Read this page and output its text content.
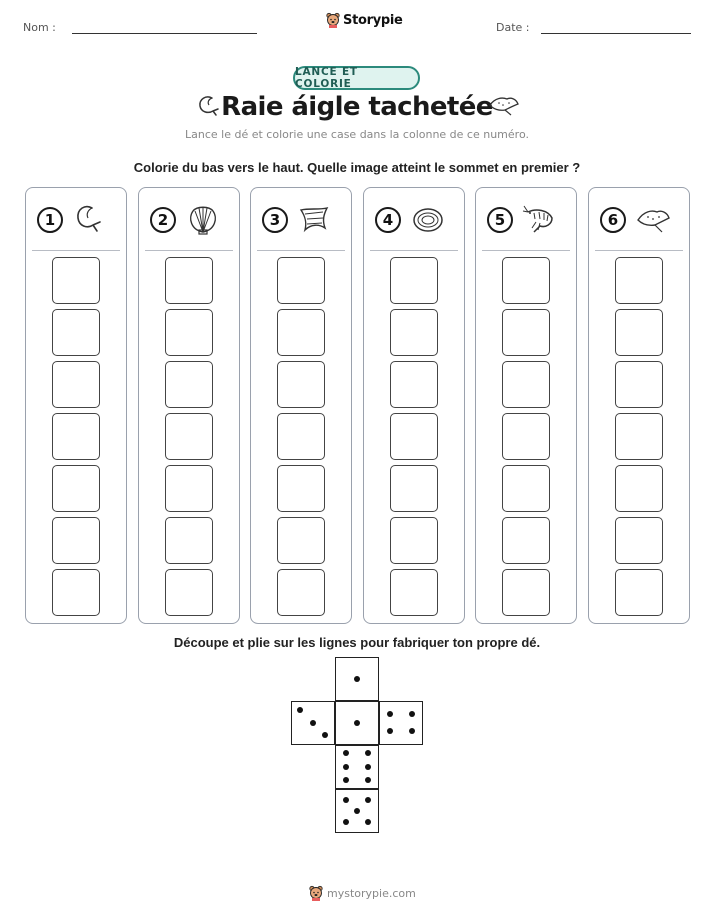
Nom :	Storypie	Date :
LANCE ET COLORIE
Raie áigle tachetée
Lance le dé et colorie une case dans la colonne de ce numéro.
Colorie du bas vers le haut. Quelle image atteint le sommet en premier ?
1	2	3	4	5	6
Découpe et plie sur les lignes pour fabriquer ton propre dé.
mystorypie.com
